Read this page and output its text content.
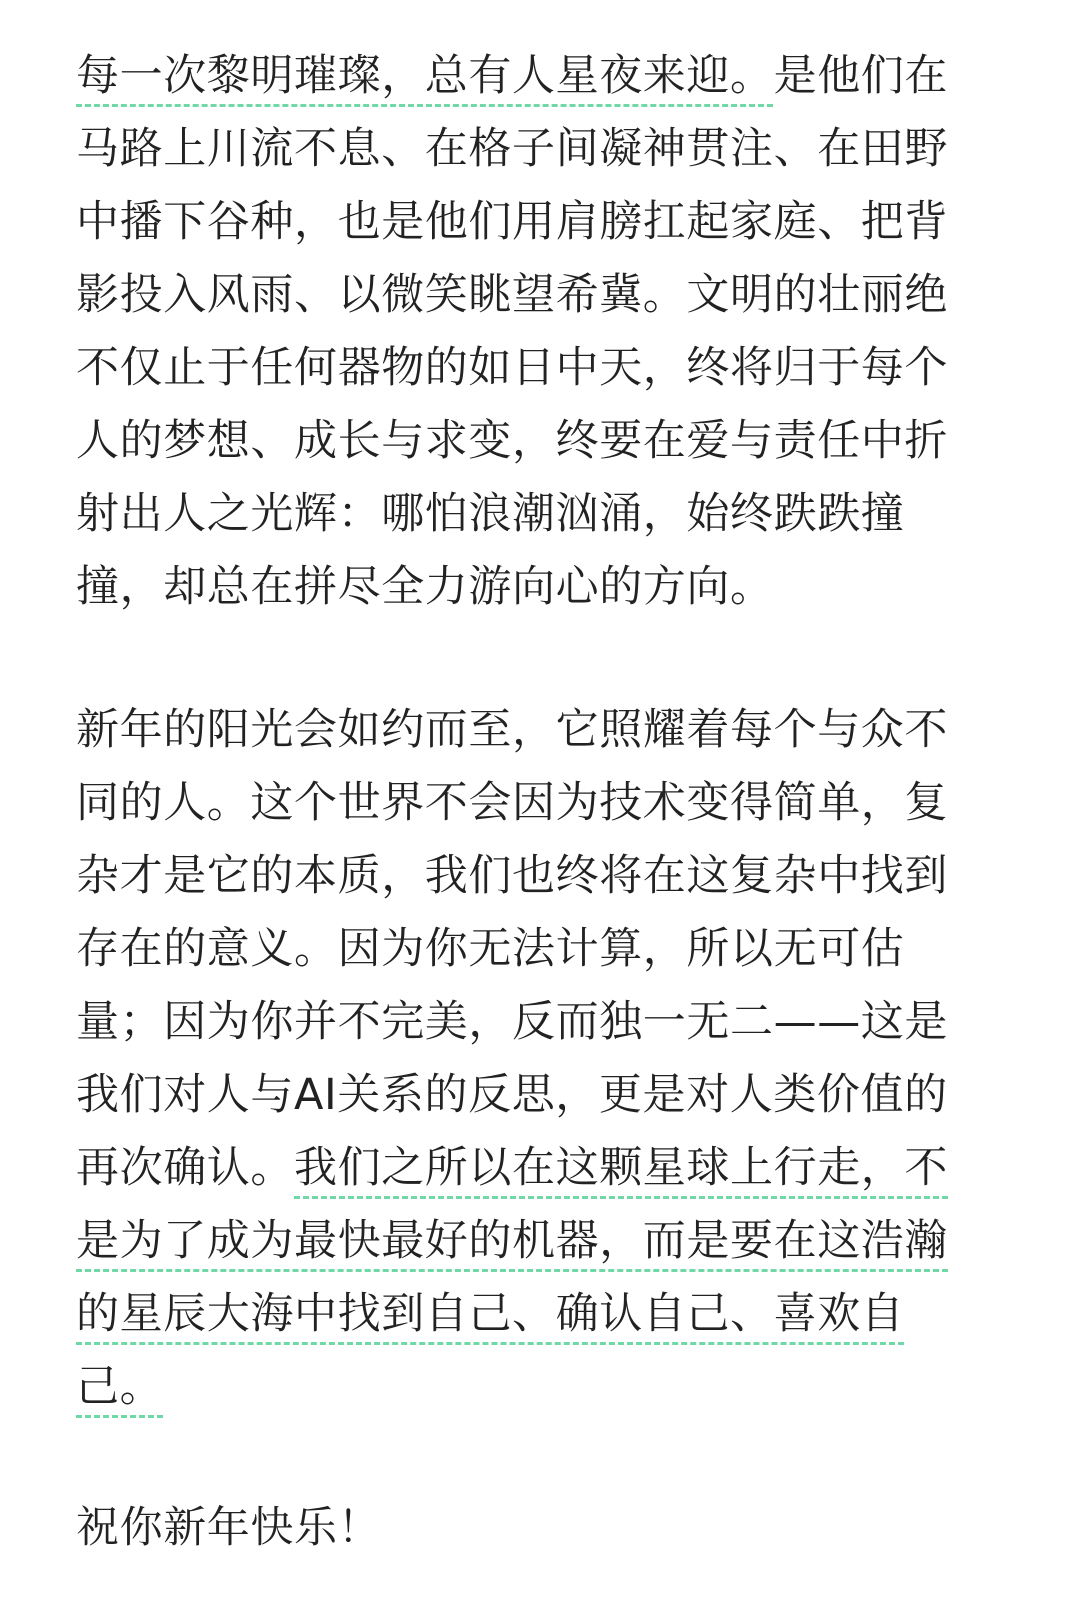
每一次黎明璀璨，总有人星夜来迎。是他们在
马路上川流不息、在格子间凝神贯注、在田野
中播下谷种，也是他们用肩膀扛起家庭、把背
影投入风雨、以微笑眺望希冀。文明的壮丽绝
不仅止于任何器物的如日中天，终将归于每个
人的梦想、成长与求变，终要在爱与责任中折
射出人之光辉：哪怕浪潮汹涌，始终跌跌撞
撞，却总在拼尽全力游向心的方向。
新年的阳光会如约而至，它照耀着每个与众不
同的人。这个世界不会因为技术变得简单，复
杂才是它的本质，我们也终将在这复杂中找到
存在的意义。因为你无法计算，所以无可估
量；因为你并不完美，反而独一无二——这是
我们对人与AI关系的反思，更是对人类价值的
再次确认。我们之所以在这颗星球上行走，不
是为了成为最快最好的机器，而是要在这浩瀚
的星辰大海中找到自己、确认自己、喜欢自
己。
祝你新年快乐！
